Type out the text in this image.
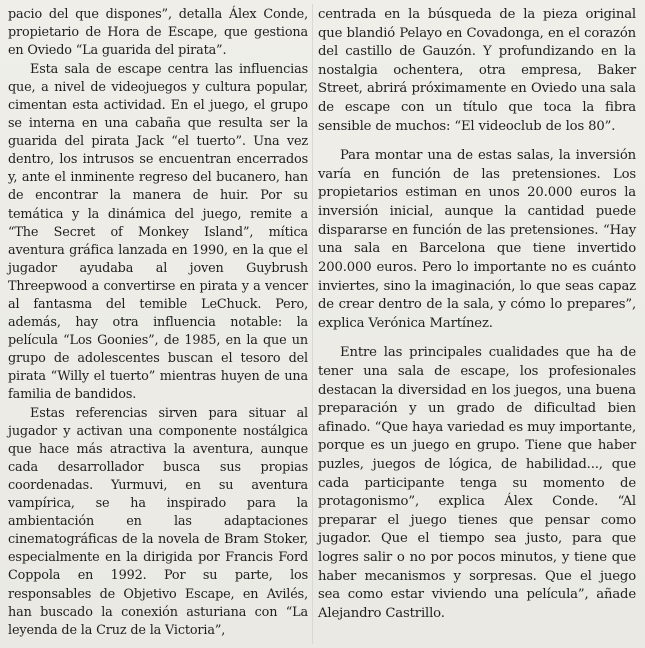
pacio del que dispones”, detalla Álex Conde, propietario de Hora de Escape, que gestiona en Oviedo “La guarida del pirata”.

Esta sala de escape centra las influencias que, a nivel de videojuegos y cultura popular, cimentan esta actividad. En el juego, el grupo se interna en una cabaña que resulta ser la guarida del pirata Jack “el tuerto”. Una vez dentro, los intrusos se encuentran encerrados y, ante el inminente regreso del bucanero, han de encontrar la manera de huir. Por su temática y la dinámica del juego, remite a “The Secret of Monkey Island”, mítica aventura gráfica lanzada en 1990, en la que el jugador ayudaba al joven Guybrush Threepwood a convertirse en pirata y a vencer al fantasma del temible LeChuck. Pero, además, hay otra influencia notable: la película “Los Goonies”, de 1985, en la que un grupo de adolescentes buscan el tesoro del pirata “Willy el tuerto” mientras huyen de una familia de bandidos.

Estas referencias sirven para situar al jugador y activan una componente nostálgica que hace más atractiva la aventura, aunque cada desarrollador busca sus propias coordenadas. Yurmuvi, en su aventura vampírica, se ha inspirado para la ambientación en las adaptaciones cinematográficas de la novela de Bram Stoker, especialmente en la dirigida por Francis Ford Coppola en 1992. Por su parte, los responsables de Objetivo Escape, en Avilés, han buscado la conexión asturiana con “La leyenda de la Cruz de la Victoria”,

centrada en la búsqueda de la pieza original que blandió Pelayo en Covadonga, en el corazón del castillo de Gauzón. Y profundizando en la nostalgia ochentera, otra empresa, Baker Street, abrirá próximamente en Oviedo una sala de escape con un título que toca la fibra sensible de muchos: “El videoclub de los 80”.

Para montar una de estas salas, la inversión varía en función de las pretensiones. Los propietarios estiman en unos 20.000 euros la inversión inicial, aunque la cantidad puede dispararse en función de las pretensiones. “Hay una sala en Barcelona que tiene invertido 200.000 euros. Pero lo importante no es cuánto inviertes, sino la imaginación, lo que seas capaz de crear dentro de la sala, y cómo lo prepares”, explica Verónica Martínez.

Entre las principales cualidades que ha de tener una sala de escape, los profesionales destacan la diversidad en los juegos, una buena preparación y un grado de dificultad bien afinado. “Que haya variedad es muy importante, porque es un juego en grupo. Tiene que haber puzles, juegos de lógica, de habilidad..., que cada participante tenga su momento de protagonismo”, explica Álex Conde. “Al preparar el juego tienes que pensar como jugador. Que el tiempo sea justo, para que logres salir o no por pocos minutos, y tiene que haber mecanismos y sorpresas. Que el juego sea como estar viviendo una película”, añade Alejandro Castrillo.
